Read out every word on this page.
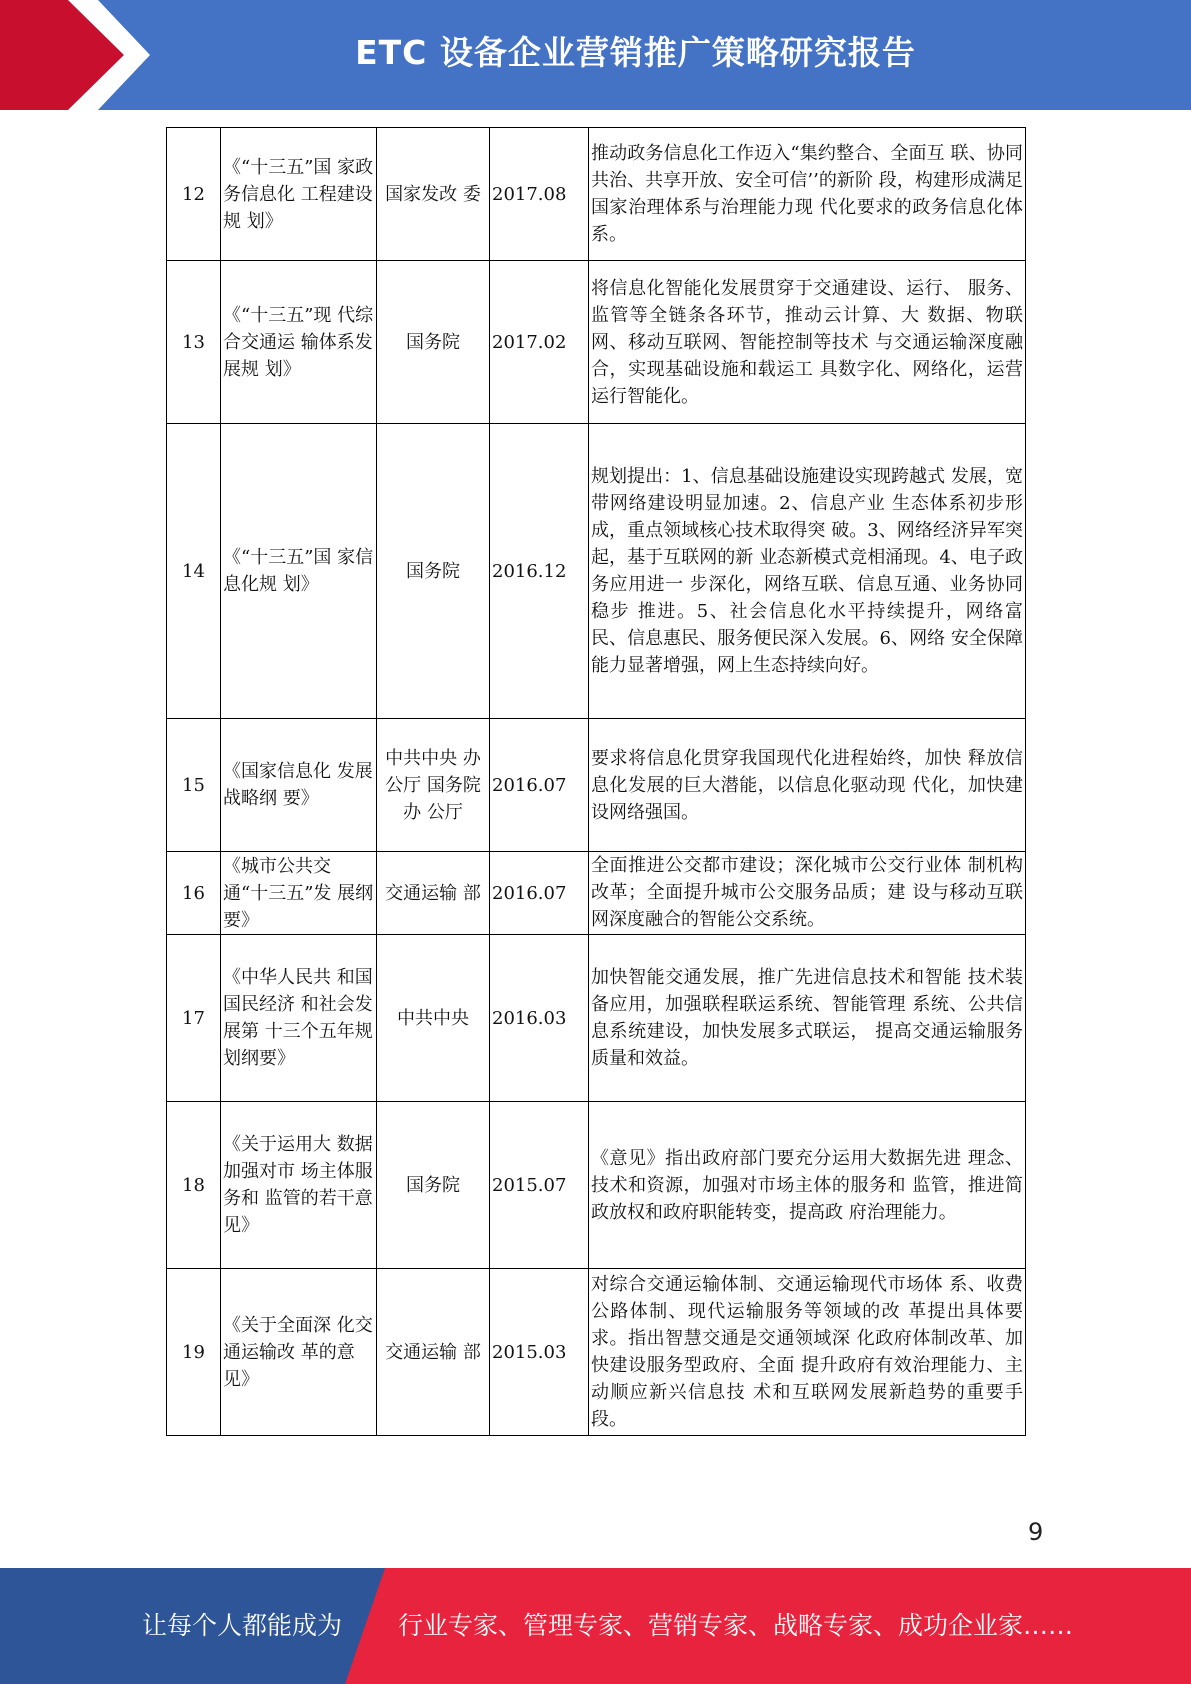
ETC 设备企业营销推广策略研究报告
12	《“十三五”国 家政务信息化 工程建设规 划》	国家发改 委	2017.08	推动政务信息化工作迈入“集约整合、全面互 联、协同共治、共享开放、安全可信’’的新阶 段，构建形成满足国家治理体系与治理能力现 代化要求的政务信息化体系。
13	《“十三五”现 代综合交通运 输体系发展规 划》	国务院	2017.02	将信息化智能化发展贯穿于交通建设、运行、 服务、监管等全链条各环节，推动云计算、大 数据、物联网、移动互联网、智能控制等技术 与交通运输深度融合，实现基础设施和载运工 具数字化、网络化，运营运行智能化。
14	《“十三五”国 家信息化规 划》	国务院	2016.12	规划提出：1、信息基础设施建设实现跨越式 发展，宽带网络建设明显加速。2、信息产业 生态体系初步形成，重点领域核心技术取得突 破。3、网络经济异军突起，基于互联网的新 业态新模式竞相涌现。4、电子政务应用进一 步深化，网络互联、信息互通、业务协同稳步 推进。5、社会信息化水平持续提升，网络富 民、信息惠民、服务便民深入发展。6、网络 安全保障能力显著增强，网上生态持续向好。
15	《国家信息化 发展战略纲 要》	中共中央 办公厅 国务院办 公厅	2016.07	要求将信息化贯穿我国现代化进程始终，加快 释放信息化发展的巨大潜能，以信息化驱动现 代化，加快建设网络强国。
16	《城市公共交 通“十三五”发 展纲要》	交通运输 部	2016.07	全面推进公交都市建设；深化城市公交行业体 制机构改革；全面提升城市公交服务品质；建 设与移动互联网深度融合的智能公交系统。
17	《中华人民共 和国国民经济 和社会发展第 十三个五年规 划纲要》	中共中央	2016.03	加快智能交通发展，推广先进信息技术和智能 技术装备应用，加强联程联运系统、智能管理 系统、公共信息系统建设，加快发展多式联运， 提高交通运输服务质量和效益。
18	《关于运用大 数据加强对市 场主体服务和 监管的若干意 见》	国务院	2015.07	《意见》指出政府部门要充分运用大数据先进 理念、技术和资源，加强对市场主体的服务和 监管，推进简政放权和政府职能转变，提高政 府治理能力。
19	《关于全面深 化交通运输改 革的意见》	交通运输 部	2015.03	对综合交通运输体制、交通运输现代市场体 系、收费公路体制、现代运输服务等领域的改 革提出具体要求。指出智慧交通是交通领域深 化政府体制改革、加快建设服务型政府、全面 提升政府有效治理能力、主动顺应新兴信息技 术和互联网发展新趋势的重要手段。
9
让每个人都能成为 行业专家、管理专家、营销专家、战略专家、成功企业家……
